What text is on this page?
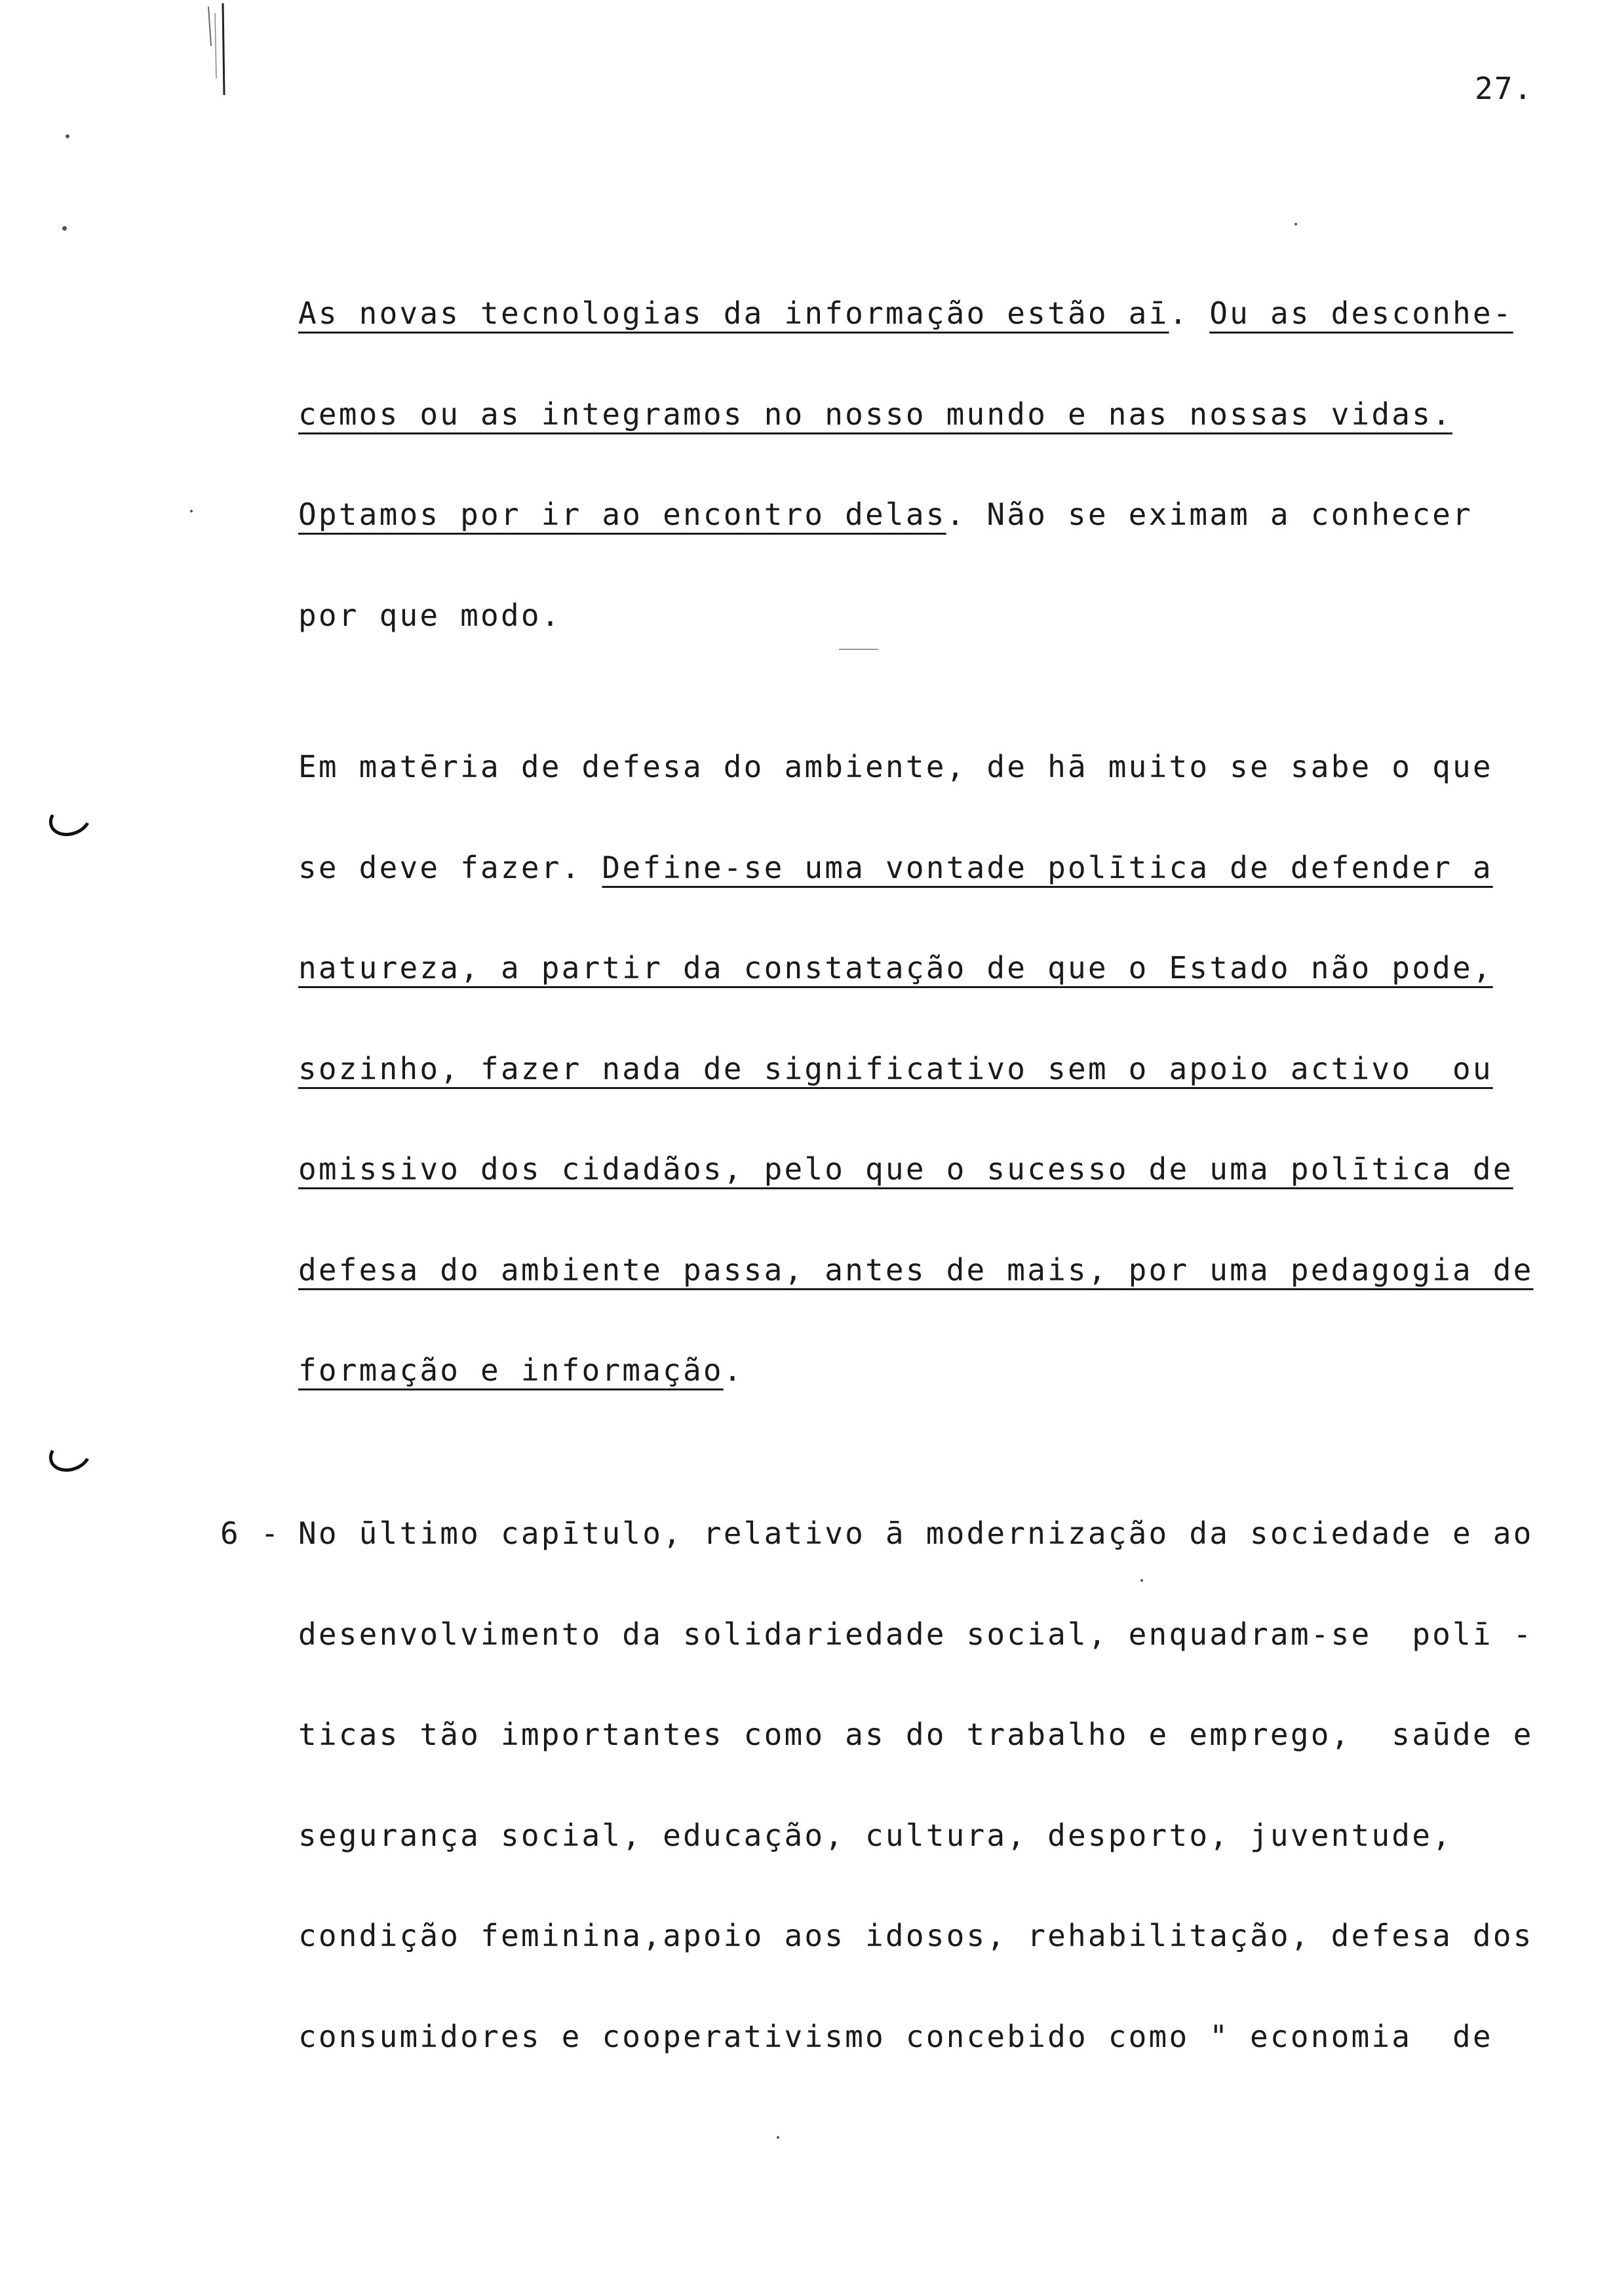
27.
As novas tecnologias da informação estão aī. Ou as desconhe-
cemos ou as integramos no nosso mundo e nas nossas vidas.
Optamos por ir ao encontro delas. Não se eximam a conhecer
por que modo.
Em matēria de defesa do ambiente, de hā muito se sabe o que
se deve fazer. Define-se uma vontade polītica de defender a
natureza, a partir da constatação de que o Estado não pode,
sozinho, fazer nada de significativo sem o apoio activo  ou
omissivo dos cidadãos, pelo que o sucesso de uma polītica de
defesa do ambiente passa, antes de mais, por uma pedagogia de
formação e informação.
6 - No ūltimo capītulo, relativo ā modernização da sociedade e ao
desenvolvimento da solidariedade social, enquadram-se  polī -
ticas tão importantes como as do trabalho e emprego,  saūde e
segurança social, educação, cultura, desporto, juventude,
condição feminina,apoio aos idosos, rehabilitação, defesa dos
consumidores e cooperativismo concebido como " economia  de
